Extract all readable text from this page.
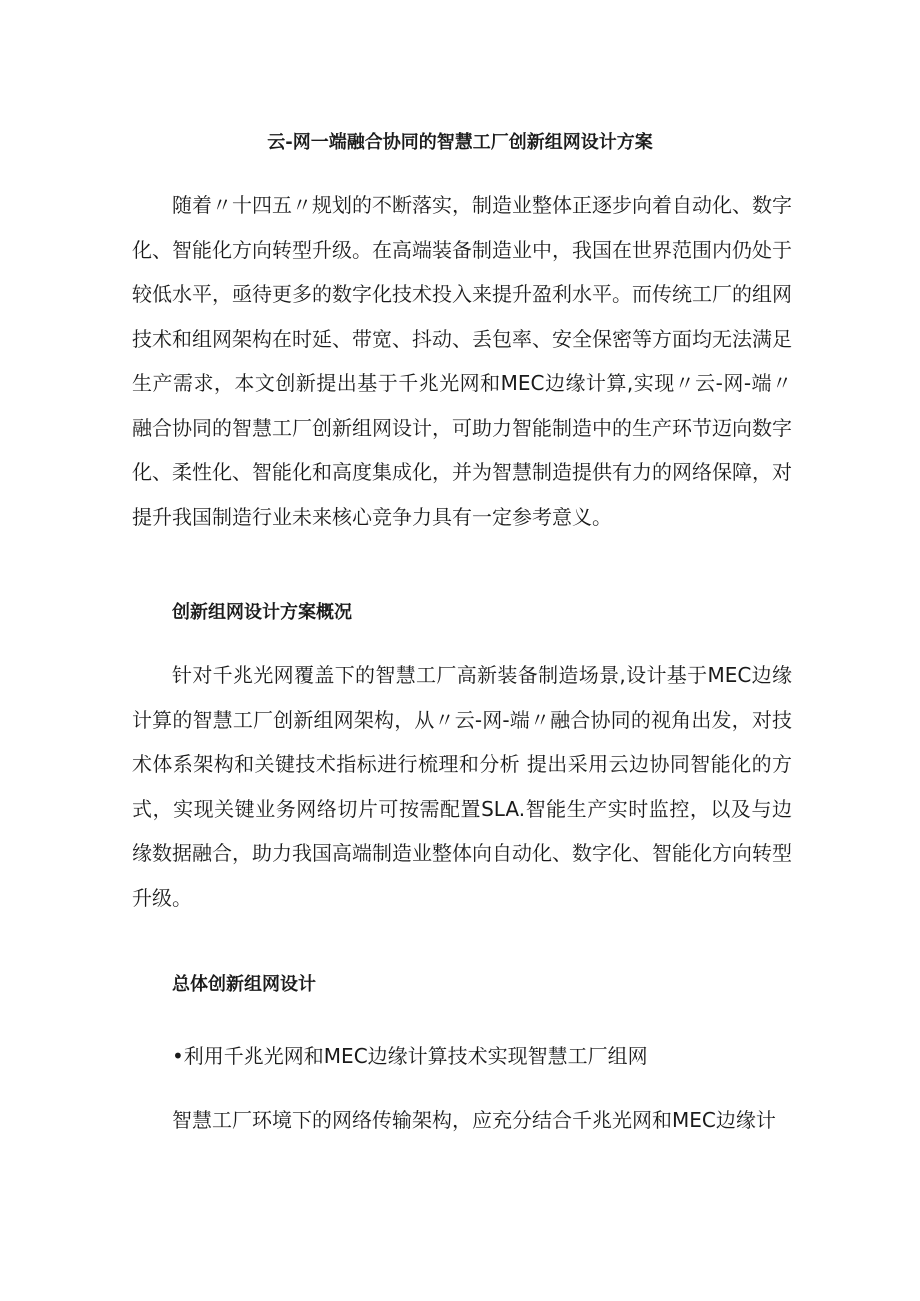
云-网一端融合协同的智慧工厂创新组网设计方案

随着〃十四五〃规划的不断落实，制造业整体正逐步向着自动化、数字化、智能化方向转型升级。在高端装备制造业中，我国在世界范围内仍处于较低水平，亟待更多的数字化技术投入来提升盈利水平。而传统工厂的组网技术和组网架构在时延、带宽、抖动、丢包率、安全保密等方面均无法满足生产需求，本文创新提出基于千兆光网和MEC边缘计算,实现〃云-网-端〃融合协同的智慧工厂创新组网设计，可助力智能制造中的生产环节迈向数字化、柔性化、智能化和高度集成化，并为智慧制造提供有力的网络保障，对提升我国制造行业未来核心竞争力具有一定参考意义。

创新组网设计方案概况

针对千兆光网覆盖下的智慧工厂高新装备制造场景,设计基于MEC边缘计算的智慧工厂创新组网架构，从〃云-网-端〃融合协同的视角出发，对技术体系架构和关键技术指标进行梳理和分析 提出采用云边协同智能化的方式，实现关键业务网络切片可按需配置SLA.智能生产实时监控，以及与边缘数据融合，助力我国高端制造业整体向自动化、数字化、智能化方向转型升级。

总体创新组网设计

•利用千兆光网和MEC边缘计算技术实现智慧工厂组网

智慧工厂环境下的网络传输架构，应充分结合千兆光网和MEC边缘计
